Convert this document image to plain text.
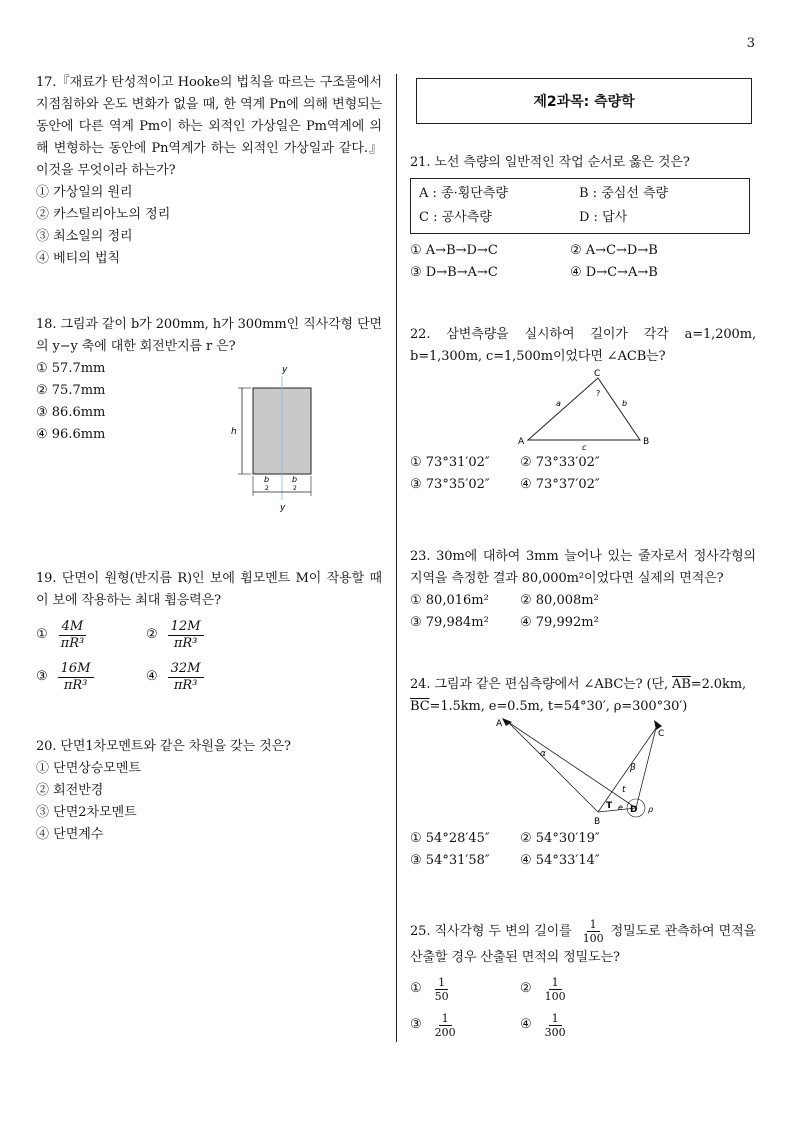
3
17.『재료가 탄성적이고 Hooke의 법칙을 따르는 구조물에서 지점침하와 온도 변화가 없을 때, 한 역계 Pn에 의해 변형되는 동안에 다른 역계 Pm이 하는 외적인 가상일은 Pm역계에 의해 변형하는 동안에 Pn역계가 하는 외적인 가상일과 같다.』이것을 무엇이라 하는가?
① 가상일의 원리
② 카스틸리아노의 정리
③ 최소일의 정리
④ 베티의 법칙
18. 그림과 같이 b가 200mm, h가 300mm인 직사각형 단면의 y−y 축에 대한 회전반지름 r 은?
① 57.7mm
② 75.7mm
③ 86.6mm
④ 96.6mm
y
h
b
2
b
2
y
19. 단면이 원형(반지름 R)인 보에 휨모멘트 M이 작용할 때 이 보에 작용하는 최대 휨응력은?
① $\frac{4M}{\text{πR³}}$	② $\frac{12M}{\text{πR³}}$
③ $\frac{16M}{\text{πR³}}$	④ $\frac{32M}{\text{πR³}}$
20. 단면1차모멘트와 같은 차원을 갖는 것은?
① 단면상승모멘트
② 회전반경
③ 단면2차모멘트
④ 단면계수
제2과목: 측량학
21. 노선 측량의 일반적인 작업 순서로 옳은 것은?
A : 종·횡단측량	B : 중심선 측량
C : 공사측량	D : 답사
① A→B→D→C	② A→C→D→B
③ D→B→A→C	④ D→C→A→B
22. 삼변측량을 실시하여 길이가 각각 a=1,200m, b=1,300m, c=1,500m이었다면 ∠ACB는?
C
A	B
?
a	b
c
① 73°31′02″	② 73°33′02″
③ 73°35′02″	④ 73°37′02″
23. 30m에 대하여 3mm 늘어나 있는 줄자로서 정사각형의 지역을 측정한 결과 80,000m²이었다면 실제의 면적은?
① 80,016m²	② 80,008m²
③ 79,984m²	④ 79,992m²
24. 그림과 같은 편심측량에서 ∠ABC는? (단, $\overline{AB}=2.0km$,
$\overline{BC}=1.5km$, e=0.5m, t=54°30′, ρ=300°30′)
A
C
B
D
T
α
β
t
e	ρ
① 54°28′45″	② 54°30′19″
③ 54°31′58″	④ 54°33′14″
25. 직사각형 두 변의 길이를 $\frac{1}{100}$ 정밀도로 관측하여 면적을 산출할 경우 산출된 면적의 정밀도는?
① $\frac{1}{50}$	② $\frac{1}{100}$
③ $\frac{1}{200}$	④ $\frac{1}{300}$
